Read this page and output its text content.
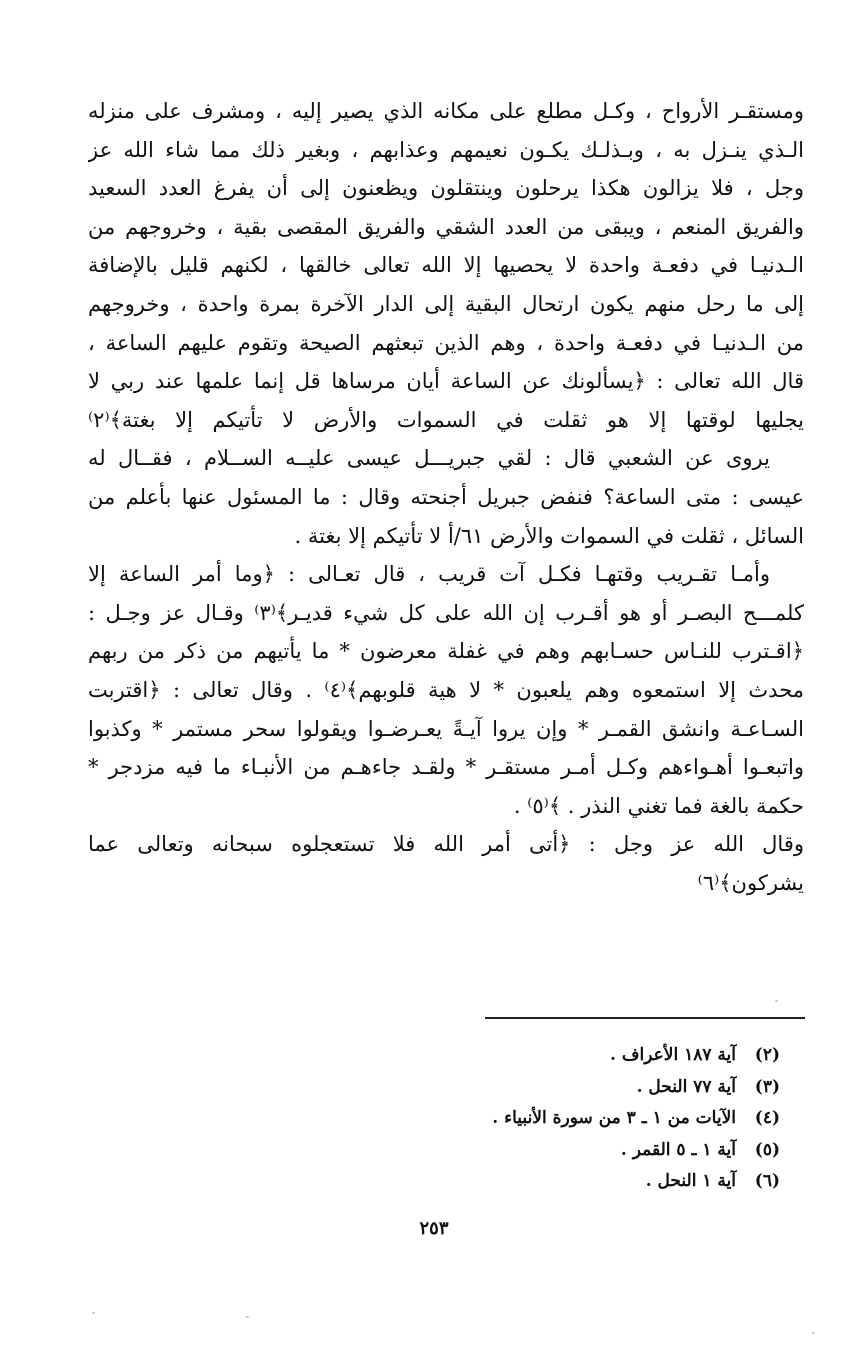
ومستقـر الأرواح ، وكـل مطلع على مكانه الذي يصير إليه ، ومشرف على منزله
الـذي ينـزل به ، وبـذلـك يكـون نعيمهم وعذابهم ، وبغير ذلك مما شاء الله عز
وجل ، فلا يزالون هكذا يرحلون وينتقلون ويظعنون إلى أن يفرغ العدد السعيد
والفريق المنعم ، ويبقى من العدد الشقي والفريق المقصى بقية ، وخروجهم من
الـدنيـا في دفعـة واحدة لا يحصيها إلا الله تعالى خالقها ، لكنهم قليل بالإضافة
إلى ما رحل منهم يكون ارتحال البقية إلى الدار الآخرة بمرة واحدة ، وخروجهم
من الـدنيـا في دفعـة واحدة ، وهم الذين تبعثهم الصيحة وتقوم عليهم الساعة ،
قال الله تعالى : ﴿يسألونك عن الساعة أيان مرساها قل إنما علمها عند ربي لا
يجليها لوقتها إلا هو ثقلت في السموات والأرض لا تأتيكم إلا بغتة﴾⁽٢⁾
يروى عن الشعبي قال : لقي جبريـــل عيسى عليــه الســلام ، فقــال له
عيسى : متى الساعة؟ فنفض جبريل أجنحته وقال : ما المسئول عنها بأعلم من
السائل ، ثقلت في السموات والأرض ٦١/أ لا تأتيكم إلا بغتة .
وأمـا تقـريب وقتهـا فكـل آت قريب ، قال تعـالى : ﴿وما أمر الساعة إلا
كلمـــح البصـر أو هو أقـرب إن الله على كل شيء قديـر﴾⁽٣⁾ وقـال عز وجـل :
﴿اقـترب للنـاس حسـابهم وهم في غفلة معرضون * ما يأتيهم من ذكر من ربهم
محدث إلا استمعوه وهم يلعبون * لا هية قلوبهم﴾⁽٤⁾ . وقال تعالى : ﴿اقتربت
السـاعـة وانشق القمـر * وإن يروا آيـةً يعـرضـوا ويقولوا سحر مستمر * وكذبوا
واتبعـوا أهـواءهم وكـل أمـر مستقـر * ولقـد جاءهـم من الأنبـاء ما فيه مزدجر *
حكمة بالغة فما تغني النذر . ﴾⁽٥⁾ .
وقال الله عز وجل : ﴿أتى أمر الله فلا تستعجلوه سبحانه وتعالى عما
يشركون﴾⁽٦⁾
(٢)
آية ١٨٧ الأعراف .
(٣)
آية ٧٧ النحل .
(٤)
الآيات من ١ ـ ٣ من سورة الأنبياء .
(٥)
آية ١ ـ ٥ القمر .
(٦)
آية ١ النحل .
٢٥٣
